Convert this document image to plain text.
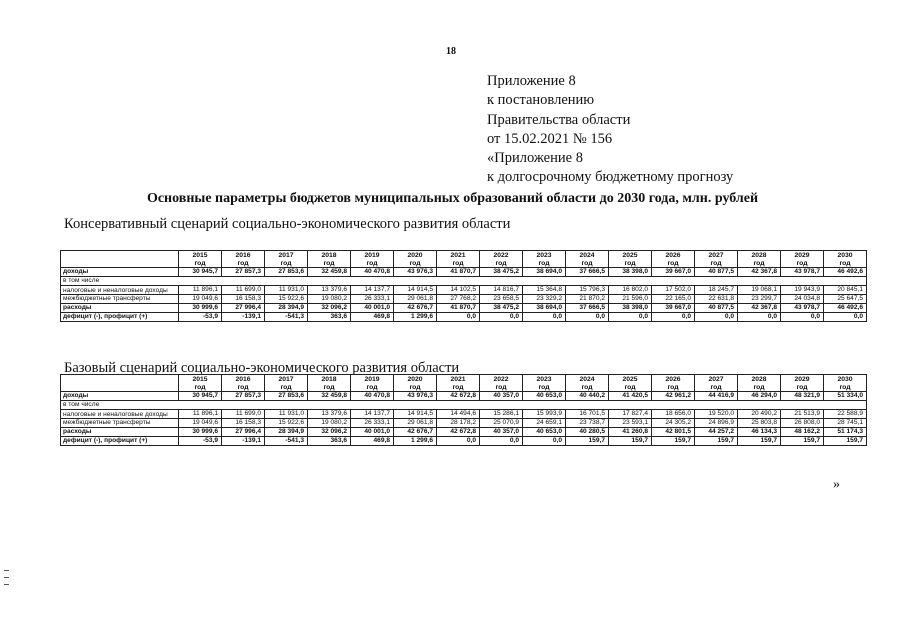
18
Приложение 8
к постановлению
Правительства области
от 15.02.2021 № 156
«Приложение 8
к долгосрочному бюджетному прогнозу
Основные параметры бюджетов муниципальных образований области до 2030 года, млн. рублей
Консервативный сценарий социально-экономического развития области
	2015
год	2016
год	2017
год	2018
год	2019
год	2020
год	2021
год	2022
год	2023
год	2024
год	2025
год	2026
год	2027
год	2028
год	2029
год	2030
год
доходы	30 945,7	27 857,3	27 853,6	32 459,8	40 470,8	43 976,3	41 870,7	38 475,2	38 694,0	37 666,5	38 398,0	39 667,0	40 877,5	42 367,8	43 978,7	46 492,6
в том числе																
налоговые и неналоговые доходы	11 896,1	11 699,0	11 931,0	13 379,6	14 137,7	14 914,5	14 102,5	14 816,7	15 364,8	15 796,3	16 802,0	17 502,0	18 245,7	19 068,1	19 943,9	20 845,1
межбюджетные трансферты	19 049,6	16 158,3	15 922,6	19 080,2	26 333,1	29 061,8	27 768,2	23 658,5	23 329,2	21 870,2	21 596,0	22 165,0	22 631,8	23 299,7	24 034,8	25 647,5
расходы	30 999,6	27 996,4	28 394,9	32 096,2	40 001,0	42 676,7	41 870,7	38 475,2	38 694,0	37 666,5	38 398,0	39 667,0	40 877,5	42 367,8	43 978,7	46 492,6
дефицит (-), профицит (+)	-53,9	-139,1	-541,3	363,6	469,8	1 299,6	0,0	0,0	0,0	0,0	0,0	0,0	0,0	0,0	0,0	0,0
Базовый сценарий социально-экономического развития области
	2015
год	2016
год	2017
год	2018
год	2019
год	2020
год	2021
год	2022
год	2023
год	2024
год	2025
год	2026
год	2027
год	2028
год	2029
год	2030
год
доходы	30 945,7	27 857,3	27 853,6	32 459,8	40 470,8	43 976,3	42 672,8	40 357,0	40 653,0	40 440,2	41 420,5	42 961,2	44 416,9	46 294,0	48 321,9	51 334,0
в том числе																
налоговые и неналоговые доходы	11 896,1	11 699,0	11 931,0	13 379,6	14 137,7	14 914,5	14 494,6	15 286,1	15 993,9	16 701,5	17 827,4	18 656,0	19 520,0	20 490,2	21 513,9	22 588,9
межбюджетные трансферты	19 049,6	16 158,3	15 922,6	19 080,2	26 333,1	29 061,8	28 178,2	25 070,9	24 659,1	23 738,7	23 593,1	24 305,2	24 896,9	25 803,8	26 808,0	28 745,1
расходы	30 999,6	27 996,4	28 394,9	32 096,2	40 001,0	42 676,7	42 672,8	40 357,0	40 653,0	40 280,5	41 260,8	42 801,5	44 257,2	46 134,3	48 162,2	51 174,3
дефицит (-), профицит (+)	-53,9	-139,1	-541,3	363,6	469,8	1 299,6	0,0	0,0	0,0	159,7	159,7	159,7	159,7	159,7	159,7	159,7
»
